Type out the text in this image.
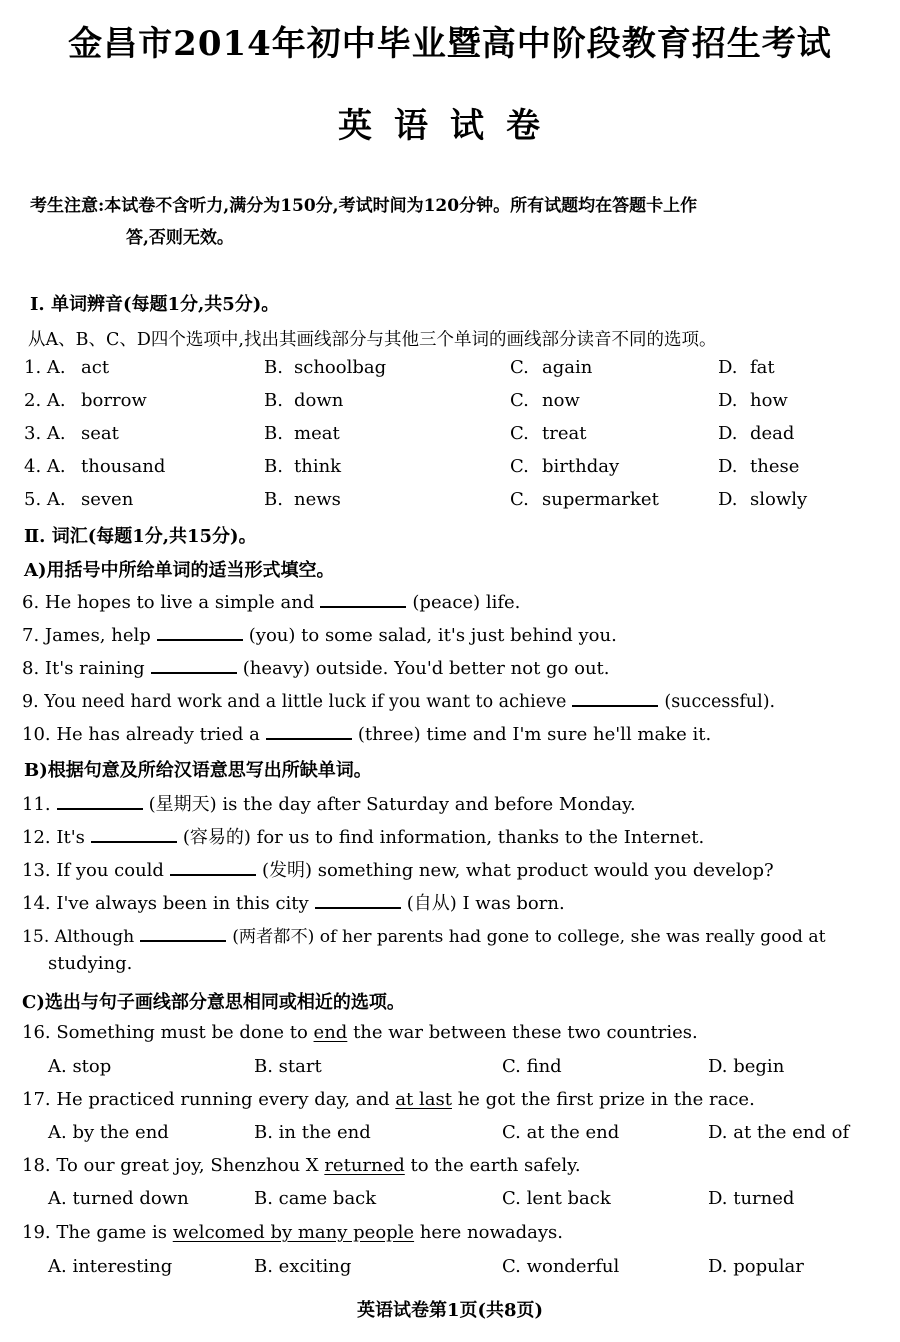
金昌市2014年初中毕业暨高中阶段教育招生考试
英语试卷
考生注意:本试卷不含听力,满分为150分,考试时间为120分钟。所有试题均在答题卡上作
答,否则无效。
Ⅰ. 单词辨音(每题1分,共5分)。
从A、B、C、D四个选项中,找出其画线部分与其他三个单词的画线部分读音不同的选项。
1. A. act	B. schoolbag	C. again	D. fat
2. A. borrow	B. down	C. now	D. how
3. A. seat	B. meat	C. treat	D. dead
4. A. thousand	B. think	C. birthday	D. these
5. A. seven	B. news	C. supermarket	D. slowly
Ⅱ. 词汇(每题1分,共15分)。
A)用括号中所给单词的适当形式填空。
6. He hopes to live a simple and	(peace) life.
7. James, help	(you) to some salad, it's just behind you.
8. It's raining	(heavy) outside. You'd better not go out.
9. You need hard work and a little luck if you want to achieve	(successful).
10. He has already tried a	(three) time and I'm sure he'll make it.
B)根据句意及所给汉语意思写出所缺单词。
11.	(星期天) is the day after Saturday and before Monday.
12. It's	(容易的) for us to find information, thanks to the Internet.
13. If you could	(发明) something new, what product would you develop?
14. I've always been in this city	(自从) I was born.
15. Although	(两者都不) of her parents had gone to college, she was really good at
studying.
C)选出与句子画线部分意思相同或相近的选项。
16. Something must be done to end the war between these two countries.
A. stop	B. start	C. find	D. begin
17. He practiced running every day, and at last he got the first prize in the race.
A. by the end	B. in the end	C. at the end	D. at the end of
18. To our great joy, Shenzhou X returned to the earth safely.
A. turned down	B. came back	C. lent back	D. turned
19. The game is welcomed by many people here nowadays.
A. interesting	B. exciting	C. wonderful	D. popular
英语试卷第1页(共8页)
